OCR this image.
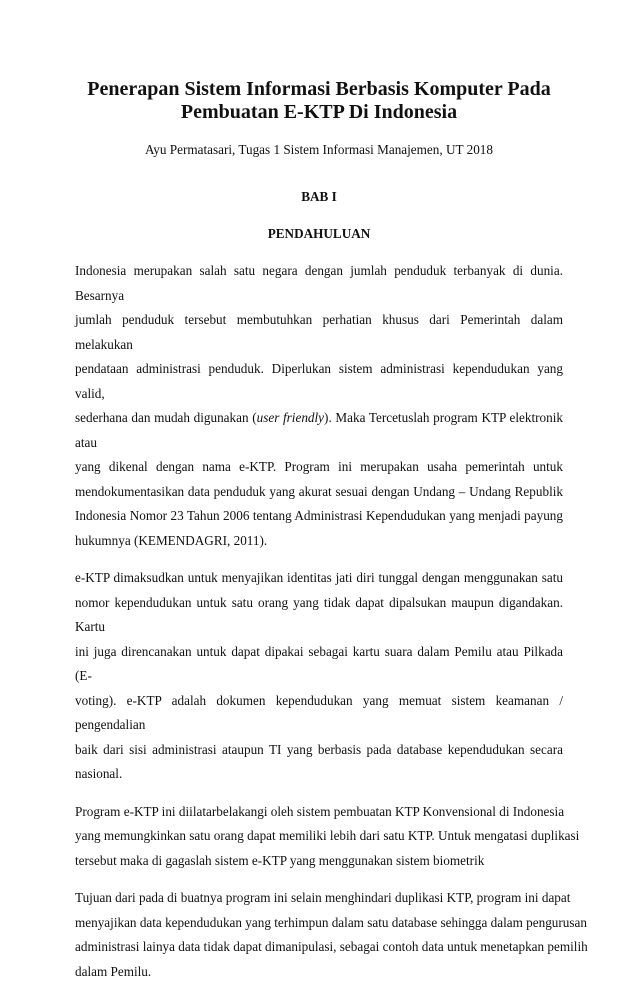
Penerapan Sistem Informasi Berbasis Komputer Pada
Pembuatan E-KTP Di Indonesia

Ayu Permatasari, Tugas 1 Sistem Informasi Manajemen, UT 2018

BAB I

PENDAHULUAN

Indonesia merupakan salah satu negara dengan jumlah penduduk terbanyak di dunia. Besarnya
jumlah penduduk tersebut membutuhkan perhatian khusus dari Pemerintah dalam melakukan
pendataan administrasi penduduk. Diperlukan sistem administrasi kependudukan yang valid,
sederhana dan mudah digunakan (user friendly). Maka Tercetuslah program KTP elektronik atau
yang dikenal dengan nama e-KTP. Program ini merupakan usaha pemerintah untuk
mendokumentasikan data penduduk yang akurat sesuai dengan Undang – Undang Republik
Indonesia Nomor 23 Tahun 2006 tentang Administrasi Kependudukan yang menjadi payung
hukumnya (KEMENDAGRI, 2011).

e-KTP dimaksudkan untuk menyajikan identitas jati diri tunggal dengan menggunakan satu
nomor kependudukan untuk satu orang yang tidak dapat dipalsukan maupun digandakan. Kartu
ini juga direncanakan untuk dapat dipakai sebagai kartu suara dalam Pemilu atau Pilkada (E-
voting). e-KTP adalah dokumen kependudukan yang memuat sistem keamanan / pengendalian
baik dari sisi administrasi ataupun TI yang berbasis pada database kependudukan secara
nasional.

Program e-KTP ini diilatarbelakangi oleh sistem pembuatan KTP Konvensional di Indonesia
yang memungkinkan satu orang dapat memiliki lebih dari satu KTP. Untuk mengatasi duplikasi
tersebut maka di gagaslah sistem e-KTP yang menggunakan sistem biometrik

Tujuan dari pada di buatnya program ini selain menghindari duplikasi KTP, program ini dapat
menyajikan data kependudukan yang terhimpun dalam satu database sehingga dalam pengurusan
administrasi lainya data tidak dapat dimanipulasi, sebagai contoh data untuk menetapkan pemilih
dalam Pemilu.
